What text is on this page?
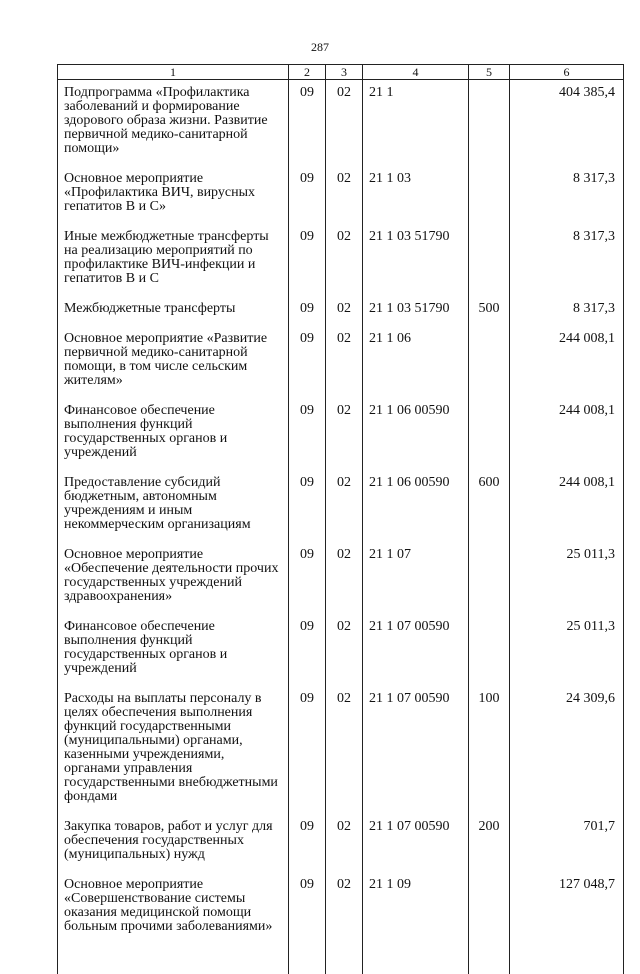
287
1	2	3	4	5	6
Подпрограмма «Профилактика заболеваний и формирование здорового образа жизни. Развитие первичной медико-санитарной помощи»	09	02	21 1		404 385,4

Основное мероприятие «Профилактика ВИЧ, вирусных гепатитов В и С»	09	02	21 1 03		8 317,3

Иные межбюджетные трансферты на реализацию мероприятий по профилактике ВИЧ-инфекции и гепатитов В и С	09	02	21 1 03 51790		8 317,3

Межбюджетные трансферты	09	02	21 1 03 51790	500	8 317,3

Основное мероприятие «Развитие первичной медико-санитарной помощи, в том числе сельским жителям»	09	02	21 1 06		244 008,1

Финансовое обеспечение выполнения функций государственных органов и учреждений	09	02	21 1 06 00590		244 008,1

Предоставление субсидий бюджетным, автономным учреждениям и иным некоммерческим организациям	09	02	21 1 06 00590	600	244 008,1

Основное мероприятие «Обеспечение деятельности прочих государственных учреждений здравоохранения»	09	02	21 1 07		25 011,3

Финансовое обеспечение выполнения функций государственных органов и учреждений	09	02	21 1 07 00590		25 011,3

Расходы на выплаты персоналу в целях обеспечения выполнения функций государственными (муниципальными) органами, казенными учреждениями, органами управления государственными внебюджетными фондами	09	02	21 1 07 00590	100	24 309,6

Закупка товаров, работ и услуг для обеспечения государственных (муниципальных) нужд	09	02	21 1 07 00590	200	701,7

Основное мероприятие «Совершенствование системы оказания медицинской помощи больным прочими заболеваниями»	09	02	21 1 09		127 048,7
